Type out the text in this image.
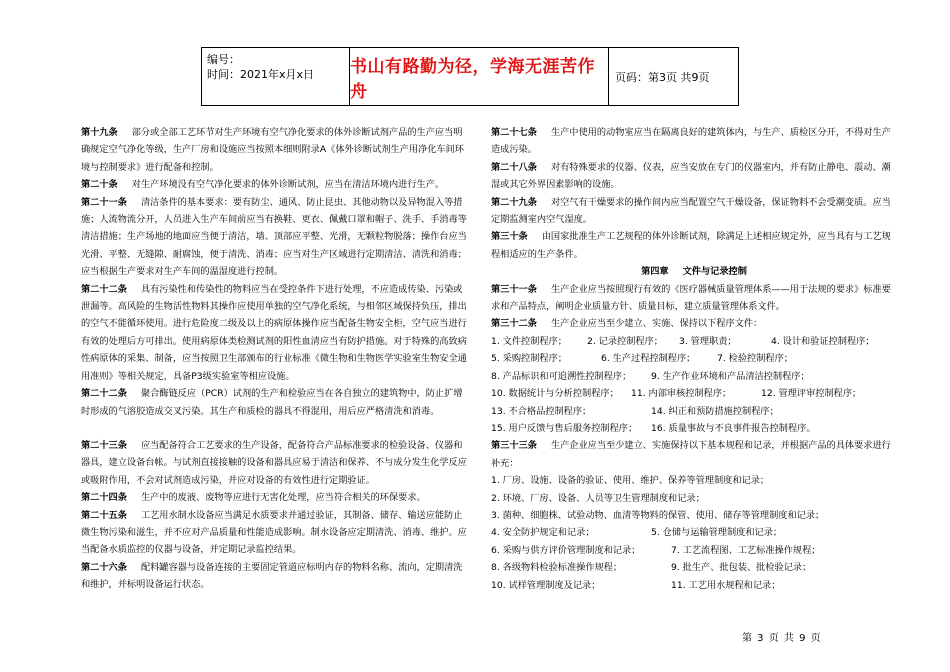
编号：
时间：2021年x月x日	书山有路勤为径，学海无涯苦作舟
页码：第3页 共9页

第十九条 部分或全部工艺环节对生产环境有空气净化要求的体外诊断试剂产品的生产应当明确规定空气净化等级，生产厂房和设施应当按照本细则附录A《体外诊断试剂生产用净化车间环境与控制要求》进行配备和控制。

第二十条 对生产环境没有空气净化要求的体外诊断试剂，应当在清洁环境内进行生产。

第二十一条 清洁条件的基本要求：要有防尘、通风、防止昆虫、其他动物以及异物混入等措施；人流物流分开，人员进入生产车间前应当有换鞋、更衣、佩戴口罩和帽子、洗手、手消毒等清洁措施；生产场地的地面应当便于清洁，墙、顶部应平整、光滑，无颗粒物脱落；操作台应当光滑、平整、无缝隙、耐腐蚀，便于清洗、消毒；应当对生产区域进行定期清洁、清洗和消毒；应当根据生产要求对生产车间的温湿度进行控制。

第二十二条 具有污染性和传染性的物料应当在受控条件下进行处理，不应造成传染、污染或泄漏等。高风险的生物活性物料其操作应使用单独的空气净化系统，与相邻区域保持负压，排出的空气不能循环使用。进行危险度二级及以上的病原体操作应当配备生物安全柜，空气应当进行有效的处理后方可排出。使用病原体类检测试剂的阳性血清应当有防护措施。对于特殊的高致病性病原体的采集、制备，应当按照卫生部颁布的行业标准《微生物和生物医学实验室生物安全通用准则》等相关规定，具备P3级实验室等相应设施。

第二十二条 聚合酶链反应（PCR）试剂的生产和检验应当在各自独立的建筑物中，防止扩增时形成的气溶胶造成交叉污染。其生产和质检的器具不得混用，用后应严格清洗和消毒。

第二十三条 应当配备符合工艺要求的生产设备，配备符合产品标准要求的检验设备、仪器和器具，建立设备台帐。与试剂直接接触的设备和器具应易于清洁和保养、不与成分发生化学反应或吸附作用，不会对试剂造成污染，并应对设备的有效性进行定期验证。

第二十四条 生产中的废液、废物等应进行无害化处理，应当符合相关的环保要求。

第二十五条 工艺用水制水设备应当满足水质要求并通过验证，其制备、储存、输送应能防止微生物污染和滋生，并不应对产品质量和性能造成影响。制水设备应定期清洗、消毒、维护。应当配备水质监控的仪器与设备，并定期记录监控结果。

第二十六条 配料罐容器与设备连接的主要固定管道应标明内存的物料名称、流向，定期清洗和维护，并标明设备运行状态。

第二十七条 生产中使用的动物室应当在隔离良好的建筑体内，与生产、质检区分开，不得对生产造成污染。

第二十八条 对有特殊要求的仪器、仪表，应当安放在专门的仪器室内，并有防止静电、震动、潮湿或其它外界因素影响的设施。

第二十九条 对空气有干燥要求的操作间内应当配置空气干燥设备，保证物料不会受潮变质。应当定期监测室内空气湿度。

第三十条 由国家批准生产工艺规程的体外诊断试剂，除满足上述相应规定外，应当具有与工艺规程相适应的生产条件。

第四章 文件与记录控制

第三十一条 生产企业应当按照现行有效的《医疗器械质量管理体系——用于法规的要求》标准要求和产品特点，阐明企业质量方针、质量目标，建立质量管理体系文件。

第三十二条 生产企业应当至少建立、实施、保持以下程序文件：

1. 文件控制程序；	2. 记录控制程序；	3. 管理职责；	4. 设计和验证控制程序；
5. 采购控制程序；	6. 生产过程控制程序；	7. 检验控制程序；
8. 产品标识和可追溯性控制程序；	9. 生产作业环境和产品清洁控制程序；
10. 数据统计与分析控制程序；	11. 内部审核控制程序；	12. 管理评审控制程序；
13. 不合格品控制程序；	14. 纠正和预防措施控制程序；
15. 用户反馈与售后服务控制程序；	16. 质量事故与不良事件报告控制程序。

第三十三条 生产企业应当至少建立、实施保持以下基本规程和记录，并根据产品的具体要求进行补充：

1. 厂房、设施、设备的验证、使用、维护、保养等管理制度和记录；
2. 环境、厂房、设备、人员等卫生管理制度和记录；
3. 菌种、细胞株、试验动物、血清等物料的保管、使用、储存等管理制度和记录；
4. 安全防护规定和记录；	5. 仓储与运输管理制度和记录；
6. 采购与供方评价管理制度和记录；	7. 工艺流程图、工艺标准操作规程；
8. 各级物料检验标准操作规程；	9. 批生产、批包装、批检验记录；
10. 试样管理制度及记录；	11. 工艺用水规程和记录；
第 3 页 共 9 页
